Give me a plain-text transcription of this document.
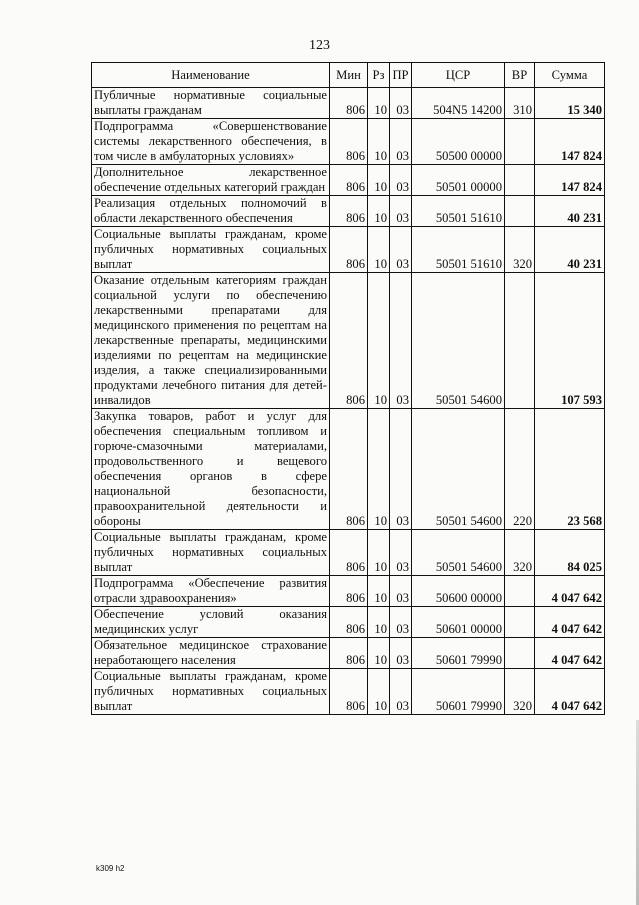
123
Наименование	Мин	Рз	ПР	ЦСР	ВР	Сумма
Публичные нормативные социальные выплаты гражданам	806	10	03	504N5 14200	310	15 340
Подпрограмма «Совершенствование системы лекарственного обеспечения, в том числе в амбулаторных условиях»	806	10	03	50500 00000		147 824
Дополнительное лекарственное обеспечение отдельных категорий граждан	806	10	03	50501 00000		147 824
Реализация отдельных полномочий в области лекарственного обеспечения	806	10	03	50501 51610		40 231
Социальные выплаты гражданам, кроме публичных нормативных социальных выплат	806	10	03	50501 51610	320	40 231
Оказание отдельным категориям граждан социальной услуги по обеспечению лекарственными препаратами для медицинского применения по рецептам на лекарственные препараты, медицинскими изделиями по рецептам на медицинские изделия, а также специализированными продуктами лечебного питания для детей-инвалидов	806	10	03	50501 54600		107 593
Закупка товаров, работ и услуг для обеспечения специальным топливом и горюче-смазочными материалами, продовольственного и вещевого обеспечения органов в сфере национальной безопасности, правоохранительной деятельности и обороны	806	10	03	50501 54600	220	23 568
Социальные выплаты гражданам, кроме публичных нормативных социальных выплат	806	10	03	50501 54600	320	84 025
Подпрограмма «Обеспечение развития отрасли здравоохранения»	806	10	03	50600 00000		4 047 642
Обеспечение условий оказания медицинских услуг	806	10	03	50601 00000		4 047 642
Обязательное медицинское страхование неработающего населения	806	10	03	50601 79990		4 047 642
Социальные выплаты гражданам, кроме публичных нормативных социальных выплат	806	10	03	50601 79990	320	4 047 642
k309 h2
